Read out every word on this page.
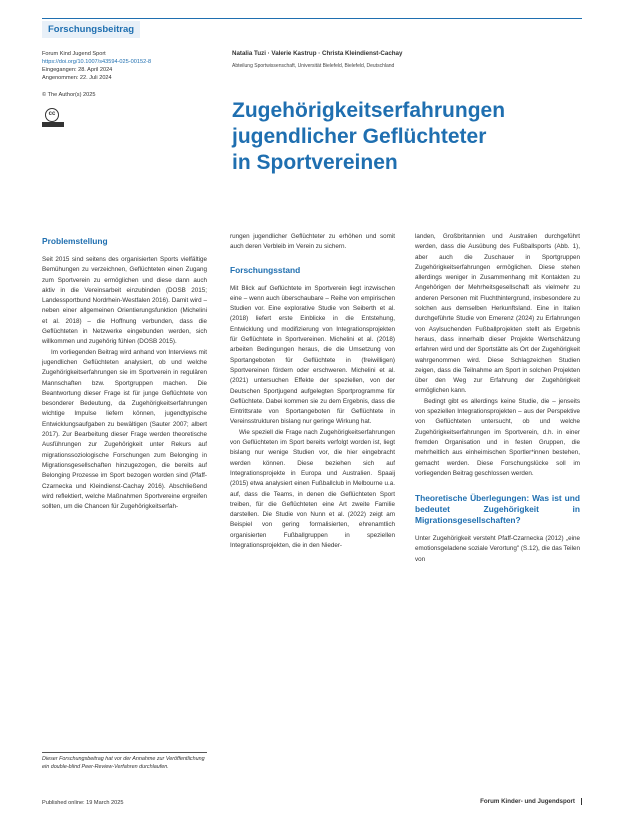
Forschungsbeitrag
Forum Kind Jugend Sport
https://doi.org/10.1007/s43594-025-00152-8
Eingegangen: 28. April 2024
Angenommen: 22. Juli 2024
© The Author(s) 2025
cc
Natalia Tuzi · Valerie Kastrup · Christa Kleindienst-Cachay
Abteilung Sportwissenschaft, Universität Bielefeld, Bielefeld, Deutschland
Zugehörigkeitserfahrungen
jugendlicher Geflüchteter
in Sportvereinen
Problemstellung

Seit 2015 sind seitens des organisierten Sports vielfältige Bemühungen zu verzeichnen, Geflüchteten einen Zugang zum Sportverein zu ermöglichen und diese dann auch aktiv in die Vereinsarbeit einzubinden (DOSB 2015; Landessportbund Nordrhein-Westfalen 2016). Damit wird – neben einer allgemeinen Orientierungsfunktion (Michelini et al. 2018) – die Hoffnung verbunden, dass die Geflüchteten in Netzwerke eingebunden werden, sich willkommen und zugehörig fühlen (DOSB 2015).

Im vorliegenden Beitrag wird anhand von Interviews mit jugendlichen Geflüchteten analysiert, ob und welche Zugehörigkeitserfahrungen sie im Sportverein in regulären Mannschaften bzw. Sportgruppen machen. Die Beantwortung dieser Frage ist für junge Geflüchtete von besonderer Bedeutung, da Zugehörigkeitserfahrungen wichtige Impulse liefern können, jugendtypische Entwicklungsaufgaben zu bewältigen (Sauter 2007; albert 2017). Zur Bearbeitung dieser Frage werden theoretische Ausführungen zur Zugehörigkeit unter Rekurs auf migrationssoziologische Forschungen zum Belonging in Migrationsgesellschaften hinzugezogen, die bereits auf Belonging Prozesse im Sport bezogen worden sind (Pfaff-Czarnecka und Kleindienst-Cachay 2016). Abschließend wird reflektiert, welche Maßnahmen Sportvereine ergreifen sollten, um die Chancen für Zugehörigkeitserfah-

rungen jugendlicher Geflüchteter zu erhöhen und somit auch deren Verbleib im Verein zu sichern.

Forschungsstand

Mit Blick auf Geflüchtete im Sportverein liegt inzwischen eine – wenn auch überschaubare – Reihe von empirischen Studien vor. Eine explorative Studie von Seiberth et al. (2018) liefert erste Einblicke in die Entstehung, Entwicklung und modifizierung von Integrationsprojekten für Geflüchtete in Sportvereinen. Michelini et al. (2018) arbeiten Bedingungen heraus, die die Umsetzung von Sportangeboten für Geflüchtete in (freiwilligen) Sportvereinen fördern oder erschweren. Michelini et al. (2021) untersuchen Effekte der speziellen, von der Deutschen Sportjugend aufgelegten Sportprogramme für Geflüchtete. Dabei kommen sie zu dem Ergebnis, dass die Eintrittsrate von Sportangeboten für Geflüchtete in Vereinsstrukturen bislang nur geringe Wirkung hat.

Wie speziell die Frage nach Zugehörigkeitserfahrungen von Geflüchteten im Sport bereits verfolgt worden ist, liegt bislang nur wenige Studien vor, die hier eingebracht werden können. Diese beziehen sich auf Integrationsprojekte in Europa und Australien. Spaaij (2015) etwa analysiert einen Fußballclub in Melbourne u.a. auf, dass die Teams, in denen die Geflüchteten Sport treiben, für die Geflüchteten eine Art zweite Familie darstellen. Die Studie von Nunn et al. (2022) zeigt am Beispiel von gering formalisierten, ehrenamtlich organisierten Fußballgruppen in speziellen Integrationsprojekten, die in den Nieder-

landen, Großbritannien und Australien durchgeführt werden, dass die Ausübung des Fußballsports (Abb. 1), aber auch die Zuschauer in Sportgruppen Zugehörigkeitserfahrungen ermöglichen. Diese stehen allerdings weniger in Zusammenhang mit Kontakten zu Angehörigen der Mehrheitsgesellschaft als vielmehr zu anderen Personen mit Fluchthintergrund, insbesondere zu solchen aus demselben Herkunftsland. Eine in Italien durchgeführte Studie von Emerenz (2024) zu Erfahrungen von Asylsuchenden Fußballprojekten stellt als Ergebnis heraus, dass innerhalb dieser Projekte Wertschätzung erfahren wird und der Sportstätte als Ort der Zugehörigkeit wahrgenommen wird. Diese Schlagzeichen Studien zeigen, dass die Teilnahme am Sport in solchen Projekten über den Weg zur Erfahrung der Zugehörigkeit ermöglichen kann.

Bedingt gibt es allerdings keine Studie, die – jenseits von speziellen Integrationsprojekten – aus der Perspektive von Geflüchteten untersucht, ob und welche Zugehörigkeitserfahrungen im Sportverein, d.h. in einer fremden Organisation und in festen Gruppen, die mehrheitlich aus einheimischen Sportler*innen bestehen, gemacht werden. Diese Forschungslücke soll im vorliegenden Beitrag geschlossen werden.

Theoretische Überlegungen: Was ist und bedeutet Zugehörigkeit in Migrationsgesellschaften?

Unter Zugehörigkeit versteht Pfaff-Czarnecka (2012) „eine emotionsgeladene soziale Verortung" (S.12), die das Teilen von

Dieser Forschungsbeitrag hat vor der Annahme zur Veröffentlichung ein double-blind Peer-Review-Verfahren durchlaufen.
Published online: 19 March 2025	Forum Kinder- und Jugendsport
